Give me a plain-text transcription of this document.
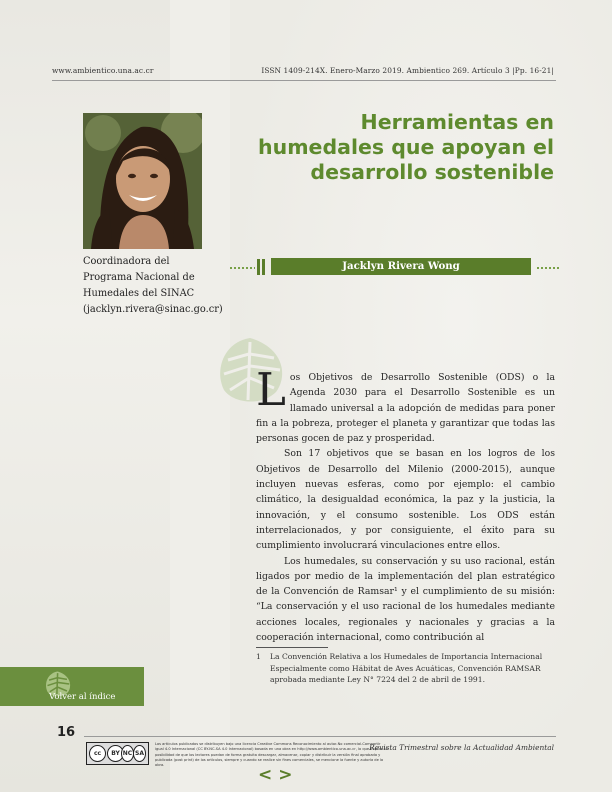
www.ambientico.una.ac.cr	ISSN 1409-214X. Enero-Marzo 2019. Ambientico 269. Artículo 3 |Pp. 16-21|
Herramientas en
humedales que apoyan el
desarrollo sostenible
Jacklyn Rivera Wong
Coordinadora del Programa Nacional de Humedales del SINAC (jacklyn.rivera@sinac.go.cr)

Los Objetivos de Desarrollo Sostenible (ODS) o la Agenda 2030 para el Desarrollo Sostenible es un llamado universal a la adopción de medidas para poner fin a la pobreza, proteger el planeta y garantizar que todas las personas gocen de paz y prosperidad.

Son 17 objetivos que se basan en los logros de los Objetivos de Desarrollo del Milenio (2000-2015), aunque incluyen nuevas esferas, como por ejemplo: el cambio climático, la desigualdad económica, la paz y la justicia, la innovación, y el consumo sostenible. Los ODS están interrelacionados, y por consiguiente, el éxito para su cumplimiento involucrará vinculaciones entre ellos.

Los humedales, su conservación y su uso racional, están ligados por medio de la implementación del plan estratégico de la Convención de Ramsar¹ y el cumplimiento de su misión: “La conservación y el uso racional de los humedales mediante acciones locales, regionales y nacionales y gracias a la cooperación internacional, como contribución al

1 La Convención Relativa a los Humedales de Importancia Internacional Especialmente como Hábitat de Aves Acuáticas, Convención RAMSAR aprobada mediante Ley N° 7224 del 2 de abril de 1991.
Volver al índice
16
cc	BY NC SA
Los artículos publicados se distribuyen bajo una licencia Creative Commons Reconocimiento al autor-No comercial-Compartir igual 4.0 Internacional (CC BY-NC-SA 4.0 Internacional) basada en una obra en http://www.ambientico.una.ac.cr, lo que implica la posibilidad de que los lectores puedan de forma gratuita descargar, almacenar, copiar y distribuir la versión final aprobada y publicada (post print) de los artículos, siempre y cuando se realice sin fines comerciales, se mencione la fuente y autoría de la obra.
Revista Trimestral sobre la Actualidad Ambiental
<>
